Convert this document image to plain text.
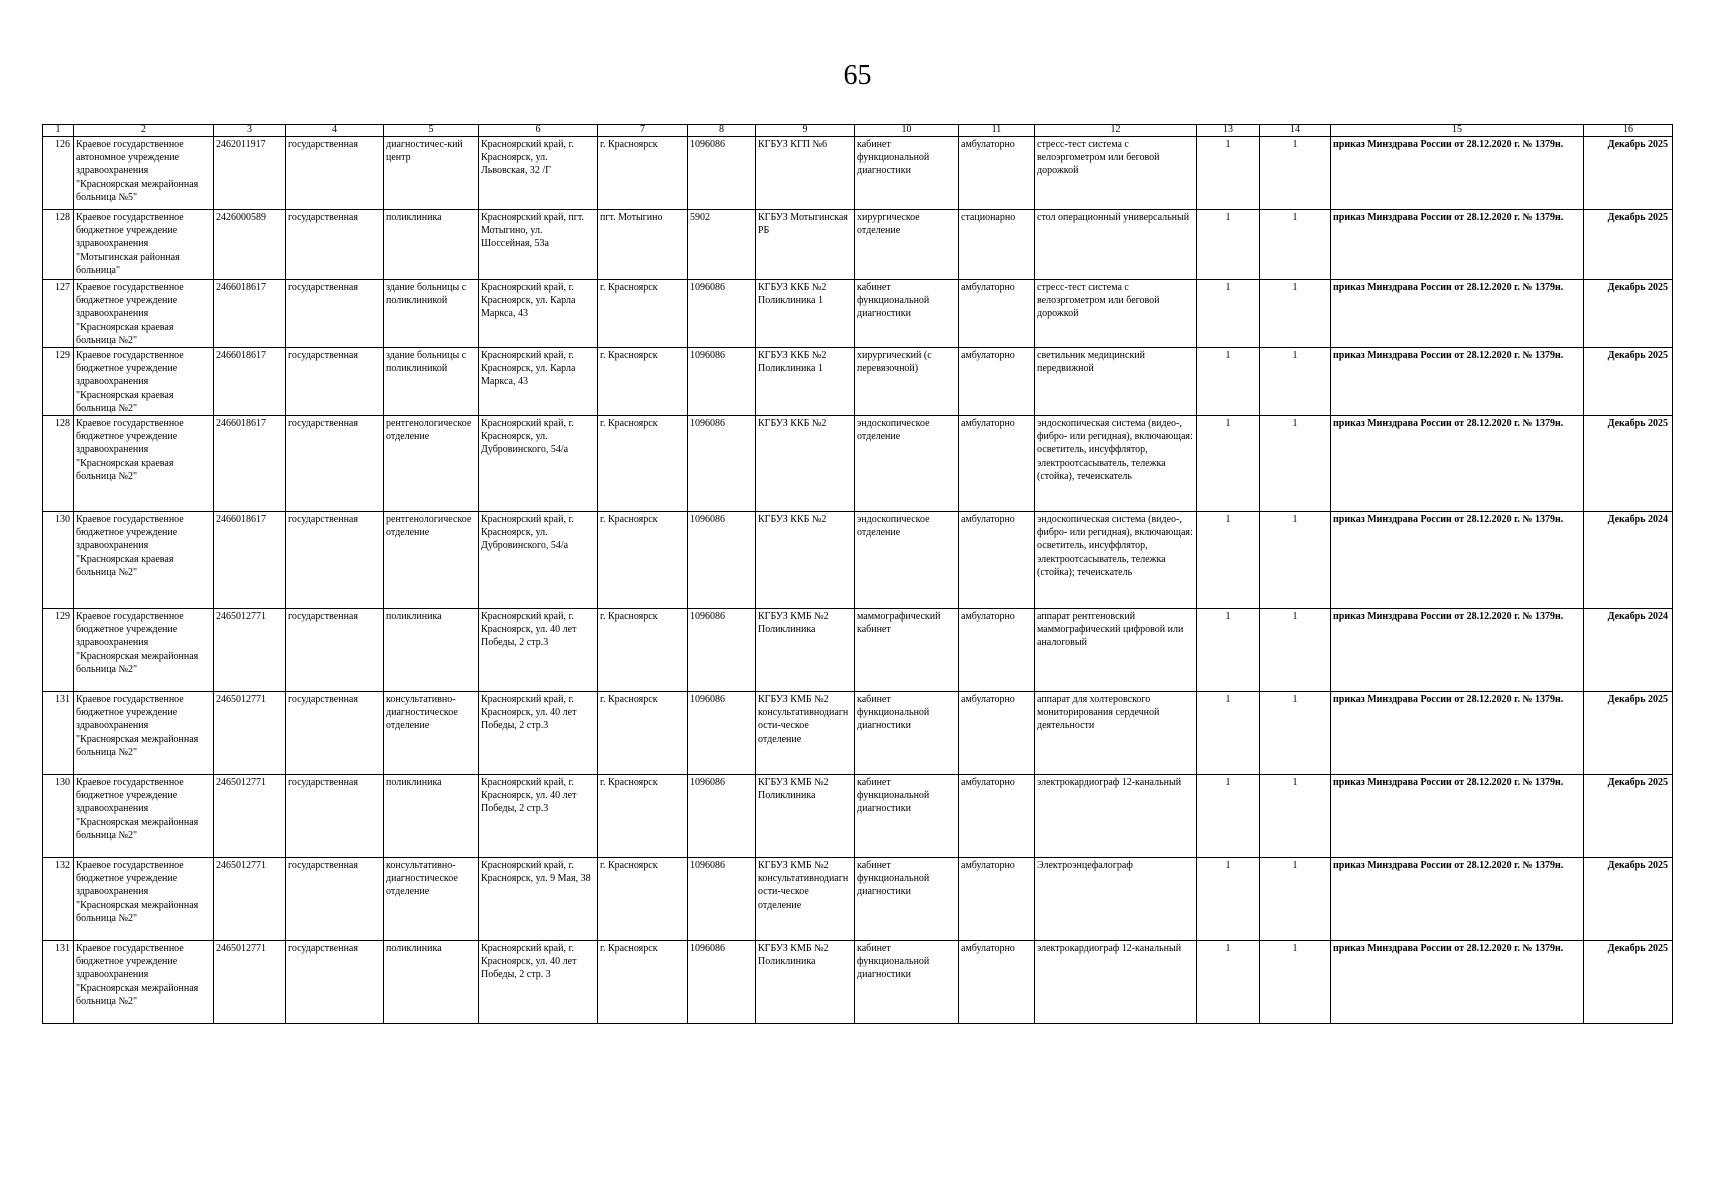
65
1	2	3	4	5	6	7	8	9	10	11	12	13	14	15	16
126	Краевое государственное автономное учреждение здравоохранения "Красноярская межрайонная больница №5"	2462011917	государственная	диагностичес-кий центр	Красноярский край, г. Красноярск, ул. Львовская, 32 /Г	г. Красноярск	1096086	КГБУЗ КГП №6	кабинет функциональной диагностики	амбулаторно	стресс-тест система с велоэргометром или беговой дорожкой	1	1	приказ Минздрава России от 28.12.2020 г. № 1379н.	Декабрь 2025
128	Краевое государственное бюджетное учреждение здравоохранения "Мотыгинская районная больница"	2426000589	государственная	поликлиника	Красноярский край, пгт. Мотыгино, ул. Шоссейная, 53а	пгт. Мотыгино	5902	КГБУЗ Мотыгинская РБ	хирургическое отделение	стационарно	стол операционный универсальный	1	1	приказ Минздрава России от 28.12.2020 г. № 1379н.	Декабрь 2025
127	Краевое государственное бюджетное учреждение здравоохранения "Красноярская краевая больница №2"	2466018617	государственная	здание больницы с поликлиникой	Красноярский край, г. Красноярск, ул. Карла Маркса, 43	г. Красноярск	1096086	КГБУЗ ККБ №2 Поликлиника 1	кабинет функциональной диагностики	амбулаторно	стресс-тест система с велоэргометром или беговой дорожкой	1	1	приказ Минздрава России от 28.12.2020 г. № 1379н.	Декабрь 2025
129	Краевое государственное бюджетное учреждение здравоохранения "Красноярская краевая больница №2"	2466018617	государственная	здание больницы с поликлиникой	Красноярский край, г. Красноярск, ул. Карла Маркса, 43	г. Красноярск	1096086	КГБУЗ ККБ №2 Поликлиника 1	хирургический (с перевязочной)	амбулаторно	светильник медицинский передвижной	1	1	приказ Минздрава России от 28.12.2020 г. № 1379н.	Декабрь 2025
128	Краевое государственное бюджетное учреждение здравоохранения "Красноярская краевая больница №2"	2466018617	государственная	рентгенологическое отделение	Красноярский край, г. Красноярск, ул. Дубровинского, 54/а	г. Красноярск	1096086	КГБУЗ ККБ №2	эндоскопическое отделение	амбулаторно	эндоскопическая система (видео-, фибро- или регидная), включающая: осветитель, инсуффлятор, электроотсасыватель, тележка (стойка), течеискатель	1	1	приказ Минздрава России от 28.12.2020 г. № 1379н.	Декабрь 2025
130	Краевое государственное бюджетное учреждение здравоохранения "Красноярская краевая больница №2"	2466018617	государственная	рентгенологическое отделение	Красноярский край, г. Красноярск, ул. Дубровинского, 54/а	г. Красноярск	1096086	КГБУЗ ККБ №2	эндоскопическое отделение	амбулаторно	эндоскопическая система (видео-, фибро- или регидная), включающая: осветитель, инсуффлятор, электроотсасыватель, тележка (стойка); течеискатель	1	1	приказ Минздрава России от 28.12.2020 г. № 1379н.	Декабрь 2024
129	Краевое государственное бюджетное учреждение здравоохранения "Красноярская межрайонная больница №2"	2465012771	государственная	поликлиника	Красноярский край, г. Красноярск, ул. 40 лет Победы, 2 стр.3	г. Красноярск	1096086	КГБУЗ КМБ №2 Поликлиника	маммографический кабинет	амбулаторно	аппарат рентгеновский маммографический цифровой или аналоговый	1	1	приказ Минздрава России от 28.12.2020 г. № 1379н.	Декабрь 2024
131	Краевое государственное бюджетное учреждение здравоохранения "Красноярская межрайонная больница №2"	2465012771	государственная	консультативно-диагностическое отделение	Красноярский край, г. Красноярск, ул. 40 лет Победы, 2 стр.3	г. Красноярск	1096086	КГБУЗ КМБ №2 консультативнодиагности-ческое отделение	кабинет функциональной диагностики	амбулаторно	аппарат для холтеровского мониторирования сердечной деятельности	1	1	приказ Минздрава России от 28.12.2020 г. № 1379н.	Декабрь 2025
130	Краевое государственное бюджетное учреждение здравоохранения "Красноярская межрайонная больница №2"	2465012771	государственная	поликлиника	Красноярский край, г. Красноярск, ул. 40 лет Победы, 2 стр.3	г. Красноярск	1096086	КГБУЗ КМБ №2 Поликлиника	кабинет функциональной диагностики	амбулаторно	электрокардиограф 12-канальный	1	1	приказ Минздрава России от 28.12.2020 г. № 1379н.	Декабрь 2025
132	Краевое государственное бюджетное учреждение здравоохранения "Красноярская межрайонная больница №2"	2465012771	государственная	консультативно-диагностическое отделение	Красноярский край, г. Красноярск, ул. 9 Мая, 38	г. Красноярск	1096086	КГБУЗ КМБ №2 консультативнодиагности-ческое отделение	кабинет функциональной диагностики	амбулаторно	Электроэнцефалограф	1	1	приказ Минздрава России от 28.12.2020 г. № 1379н.	Декабрь 2025
131	Краевое государственное бюджетное учреждение здравоохранения "Красноярская межрайонная больница №2"	2465012771	государственная	поликлиника	Красноярский край, г. Красноярск, ул. 40 лет Победы, 2 стр. 3	г. Красноярск	1096086	КГБУЗ КМБ №2 Поликлиника	кабинет функциональной диагностики	амбулаторно	электрокардиограф 12-канальный	1	1	приказ Минздрава России от 28.12.2020 г. № 1379н.	Декабрь 2025
